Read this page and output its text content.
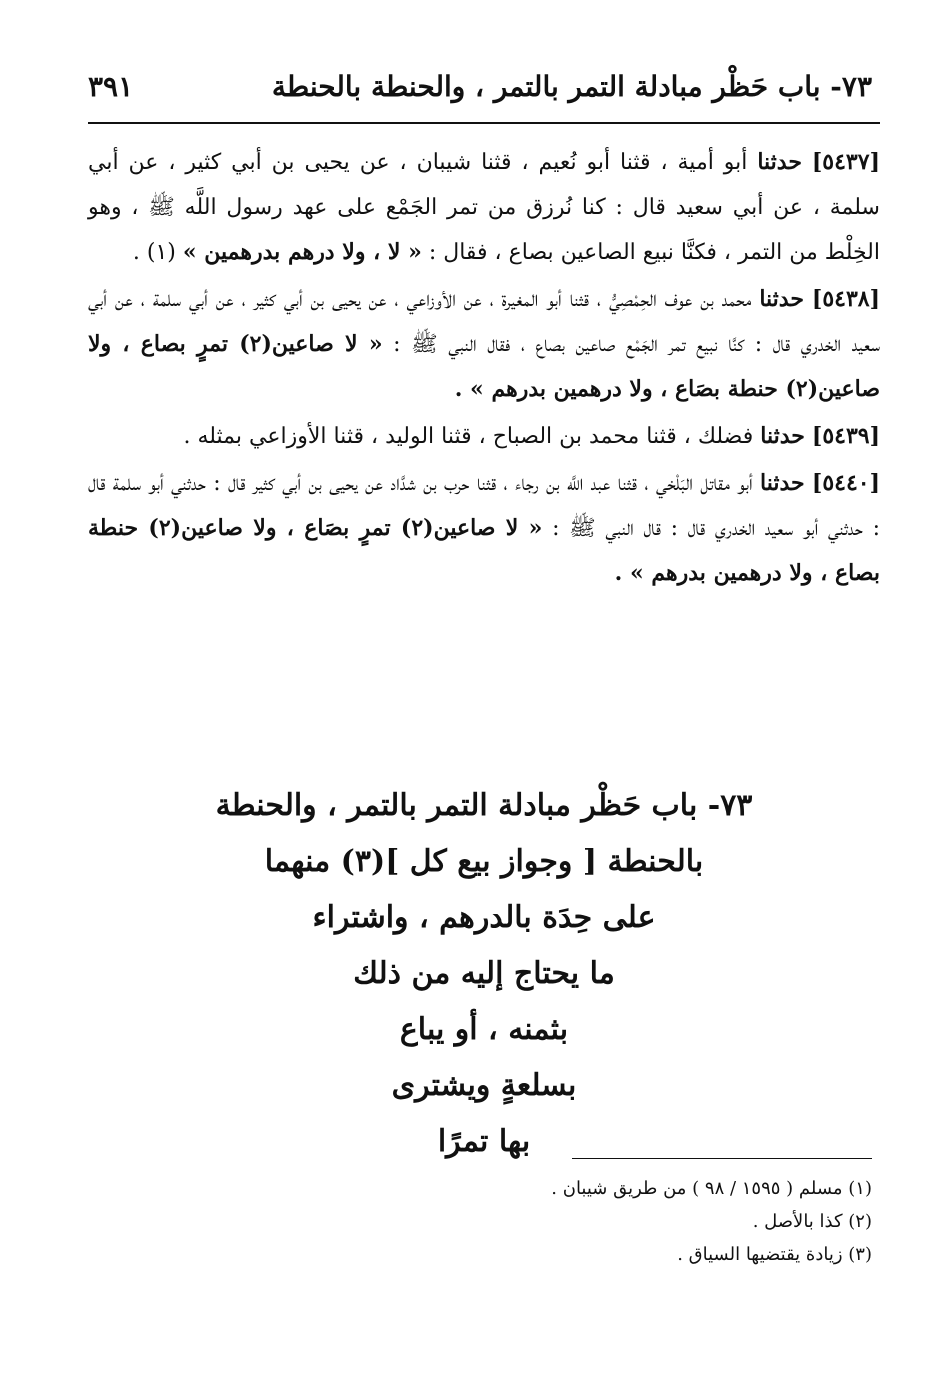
٧٣- باب حَظْر مبادلة التمر بالتمر ، والحنطة بالحنطة
٣٩١

[٥٤٣٧] حدثنا أبو أمية ، قثنا أبو نُعيم ، قثنا شيبان ، عن يحيى بن أبي كثير ، عن أبي سلمة ، عن أبي سعيد قال : كنا نُرزق من تمر الجَمْع على عهد رسول اللَّه ﷺ ، وهو الخِلْط من التمر ، فكنَّا نبيع الصاعين بصاع ، فقال : « لا ، ولا درهم بدرهمين » (١) .

[٥٤٣٨] حدثنا محمد بن عوف الحِمْصِيُّ ، قثنا أبو المغيرة ، عن الأوزاعي ، عن يحيى بن أبي كثير ، عن أبي سلمة ، عن أبي سعيد الخدري قال : كنَّا نبيع تمر الجَمْع صاعين بصاع ، فقال النبي ﷺ : « لا صاعين(٢) تمرٍ بصاع ، ولا صاعين(٢) حنطة بصَاع ، ولا درهمين بدرهم » .

[٥٤٣٩] حدثنا فضلك ، قثنا محمد بن الصباح ، قثنا الوليد ، قثنا الأوزاعي بمثله .

[٥٤٤٠] حدثنا أبو مقاتل البَلْخي ، قثنا عبد اللَّه بن رجاء ، قثنا حرب بن شدَّاد عن يحيى بن أبي كثير قال : حدثني أبو سلمة قال : حدثني أبو سعيد الخدري قال : قال النبي ﷺ : « لا صاعين(٢) تمرٍ بصَاع ، ولا صاعين(٢) حنطة بصاع ، ولا درهمين بدرهم » .

٧٣- باب حَظْر مبادلة التمر بالتمر ، والحنطة
بالحنطة [ وجواز بيع كل ](٣) منهما
على حِدَة بالدرهم ، واشتراء
ما يحتاج إليه من ذلك
بثمنه ، أو يباع
بسلعةٍ ويشترى
بها تمرًا
(١) مسلم ( ١٥٩٥ / ٩٨ ) من طريق شيبان .
(٢) كذا بالأصل .
(٣) زيادة يقتضيها السياق .
